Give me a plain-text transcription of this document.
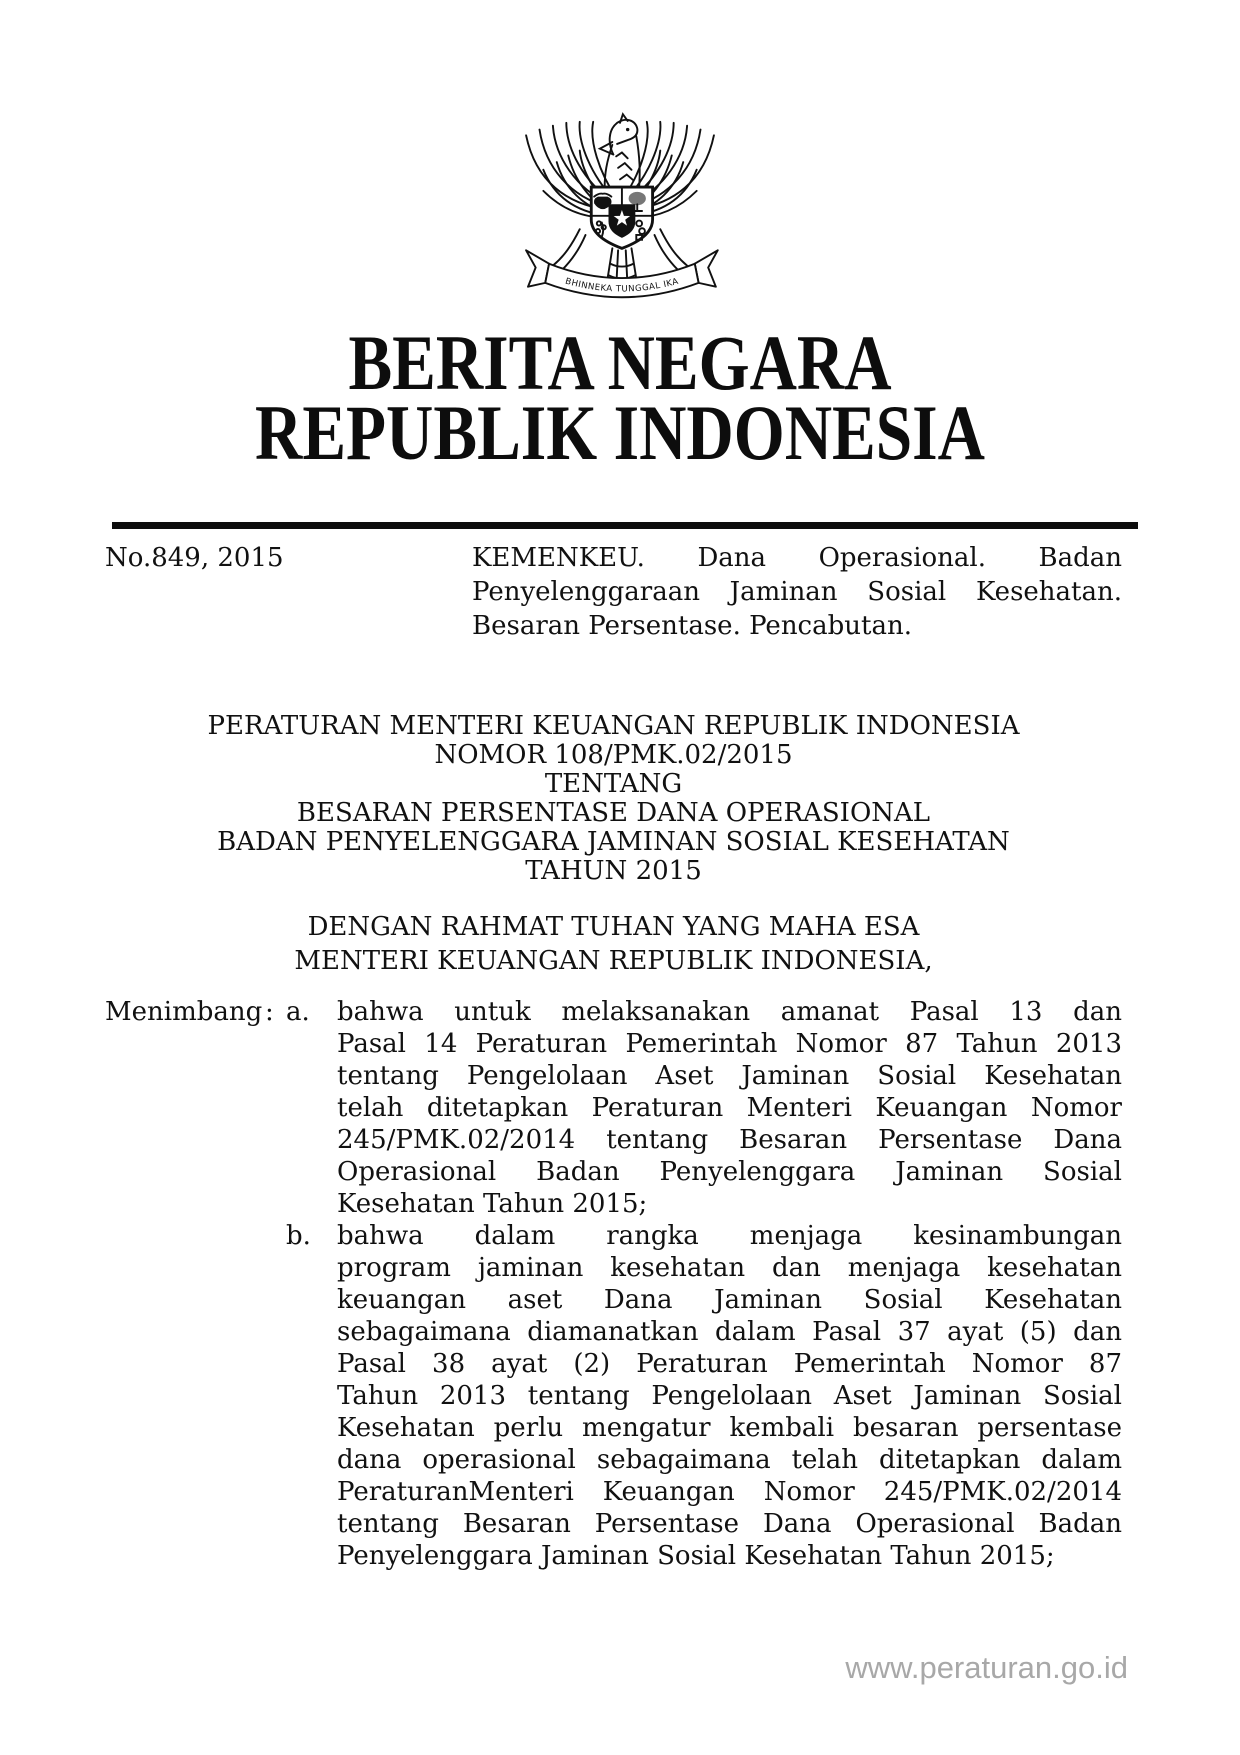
BHINNEKA TUNGGAL IKA
BERITA NEGARA
REPUBLIK INDONESIA
No.849, 2015	KEMENKEU. Dana Operasional. Badan
Penyelenggaraan Jaminan Sosial Kesehatan.
Besaran Persentase. Pencabutan.
PERATURAN MENTERI KEUANGAN REPUBLIK INDONESIA
NOMOR 108/PMK.02/2015
TENTANG
BESARAN PERSENTASE DANA OPERASIONAL
BADAN PENYELENGGARA JAMINAN SOSIAL KESEHATAN
TAHUN 2015
DENGAN RAHMAT TUHAN YANG MAHA ESA
MENTERI KEUANGAN REPUBLIK INDONESIA,
Menimbang : a.	bahwa untuk melaksanakan amanat Pasal 13 dan
Pasal 14 Peraturan Pemerintah Nomor 87 Tahun 2013
tentang Pengelolaan Aset Jaminan Sosial Kesehatan
telah ditetapkan Peraturan Menteri Keuangan Nomor
245/PMK.02/2014 tentang Besaran Persentase Dana
Operasional Badan Penyelenggara Jaminan Sosial
Kesehatan Tahun 2015;
b.	bahwa dalam rangka menjaga kesinambungan
program jaminan kesehatan dan menjaga kesehatan
keuangan aset Dana Jaminan Sosial Kesehatan
sebagaimana diamanatkan dalam Pasal 37 ayat (5) dan
Pasal 38 ayat (2) Peraturan Pemerintah Nomor 87
Tahun 2013 tentang Pengelolaan Aset Jaminan Sosial
Kesehatan perlu mengatur kembali besaran persentase
dana operasional sebagaimana telah ditetapkan dalam
PeraturanMenteri Keuangan Nomor 245/PMK.02/2014
tentang Besaran Persentase Dana Operasional Badan
Penyelenggara Jaminan Sosial Kesehatan Tahun 2015;
www.peraturan.go.id
